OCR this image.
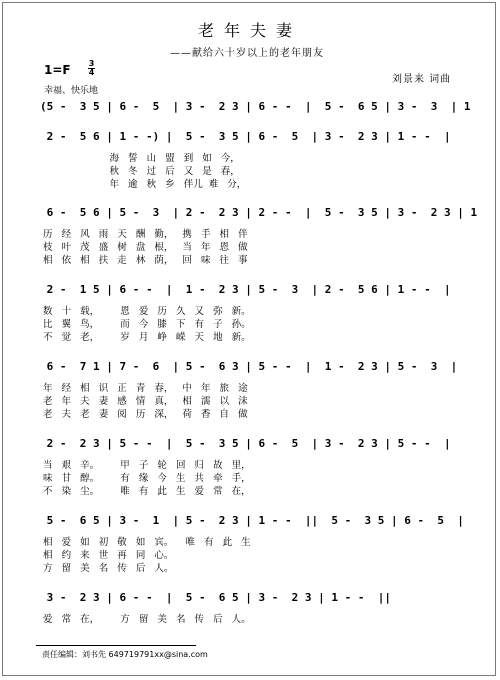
老年夫妻
——献给六十岁以上的老年朋友
1=F 3
4
幸福、快乐地
刘景来 词曲
(5 -  3 5 | 6 -  5  | 3 -  2 3 | 6 - -  |  5 -  6 5 | 3 -  3  | 1
2 -  5 6 | 1 - -) |  5 -  3 5 | 6 -  5  | 3 -  2 3 | 1 - -  |
海   誓   山   盟   到   如   今，
秋   冬   过   后   又   是   春，
年   逾   秋   乡   伴儿  难   分，
6 -  5 6 | 5 -  3  | 2 -  2 3 | 2 - -  |  5 -  3 5 | 3 -  2 3 | 1
历   经   风   雨   天   酬   勤，   携   手   相   伴
枝   叶   茂   盛   树   盘   根，   当   年   恩   做
相   依   相   扶   走   林   荫，   回   味   往   事
2 -  1 5 | 6 - -  |  1 -  2 3 | 5 -  3  | 2 -  5 6 | 1 - -  |
数   十   载，       恩   爱   历   久   又   弥   新。
比   翼   鸟，       而   今   膝   下   有   子   孙。
不   觉   老，       岁   月   峥   嵘   天   地   新。
6 -  7 1 | 7 -  6  | 5 -  6 3 | 5 - -  |  1 -  2 3 | 5 -  3  |
年   经   相   识   正   青   春，   中   年   旅   途
老   年   夫   妻   感   情   真，   相   濡   以   沫
老   夫   老   妻   阅   历   深，   荷   香   自   做
2 -  2 3 | 5 - -  |  5 -  3 5 | 6 -  5  | 3 -  2 3 | 5 - -  |
当   艰   辛。       甲   子   轮   回   归   故   里，
味   甘   醇。       有   缘   今   生   共   牵   手，
不   染   尘。       唯   有   此   生   爱   常   在，
5 -  6 5 | 3 -  1  | 5 -  2 3 | 1 - -  ||  5 -  3 5 | 6 -  5  |
相   爱   如   初   敬   如   宾。    唯   有   此   生
相   约   来   世   再   同   心。
方   留   美   名   传   后   人。
3 -  2 3 | 6 - -  |  5 -  6 5 | 3 -  2 3 | 1 - -  ||
爱   常   在，       方   留   美   名   传   后   人。
责任编辑：刘书先 649719791xx@sina.com
